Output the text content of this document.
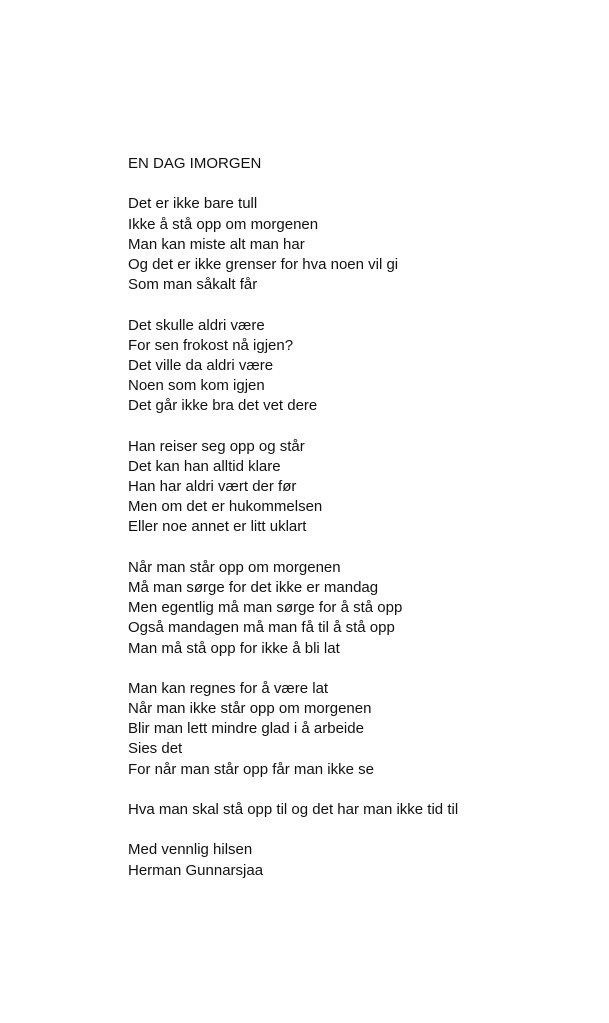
EN DAG IMORGEN
Det er ikke bare tull
Ikke å stå opp om morgenen
Man kan miste alt man har
Og det er ikke grenser for hva noen vil gi
Som man såkalt får
Det skulle aldri være
For sen frokost nå igjen?
Det ville da aldri være
Noen som kom igjen
Det går ikke bra det vet dere
Han reiser seg opp og står
Det kan han alltid klare
Han har aldri vært der før
Men om det er hukommelsen
Eller noe annet er litt uklart
Når man står opp om morgenen
Må man sørge for det ikke er mandag
Men egentlig må man sørge for å stå opp
Også mandagen må man få til å stå opp
Man må stå opp for ikke å bli lat
Man kan regnes for å være lat
Når man ikke står opp om morgenen
Blir man lett mindre glad i å arbeide
Sies det
For når man står opp får man ikke se
Hva man skal stå opp til og det har man ikke tid til
Med vennlig hilsen
Herman Gunnarsjaa
